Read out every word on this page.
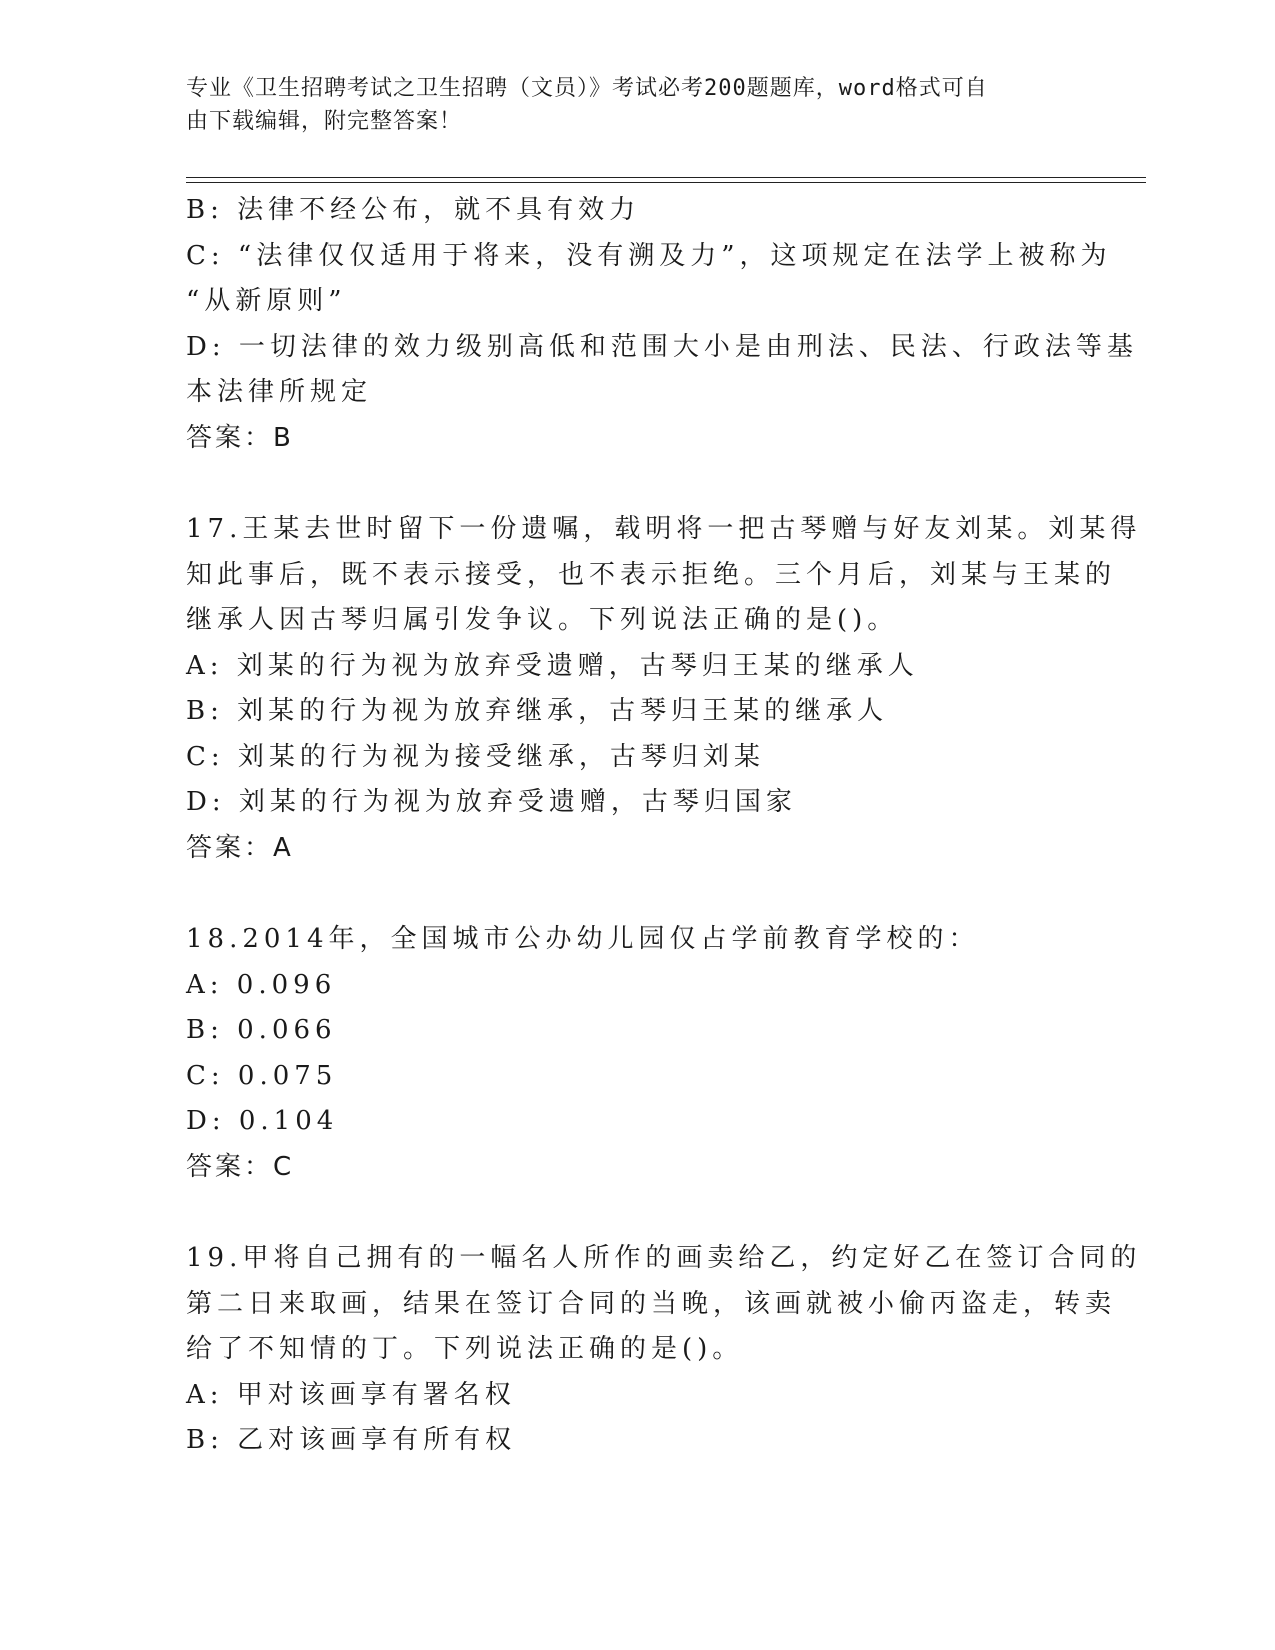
专业《卫生招聘考试之卫生招聘（文员）》考试必考200题题库，word格式可自
由下载编辑，附完整答案！
B: 法律不经公布，就不具有效力
C: “法律仅仅适用于将来，没有溯及力”，这项规定在法学上被称为
“从新原则”
D: 一切法律的效力级别高低和范围大小是由刑法、民法、行政法等基
本法律所规定
答案：B
17.王某去世时留下一份遗嘱，载明将一把古琴赠与好友刘某。刘某得
知此事后，既不表示接受，也不表示拒绝。三个月后，刘某与王某的
继承人因古琴归属引发争议。下列说法正确的是()。
A: 刘某的行为视为放弃受遗赠，古琴归王某的继承人
B: 刘某的行为视为放弃继承，古琴归王某的继承人
C: 刘某的行为视为接受继承，古琴归刘某
D: 刘某的行为视为放弃受遗赠，古琴归国家
答案：A
18.2014年，全国城市公办幼儿园仅占学前教育学校的：
A: 0.096
B: 0.066
C: 0.075
D: 0.104
答案：C
19.甲将自己拥有的一幅名人所作的画卖给乙，约定好乙在签订合同的
第二日来取画，结果在签订合同的当晚，该画就被小偷丙盗走，转卖
给了不知情的丁。下列说法正确的是()。
A: 甲对该画享有署名权
B: 乙对该画享有所有权
